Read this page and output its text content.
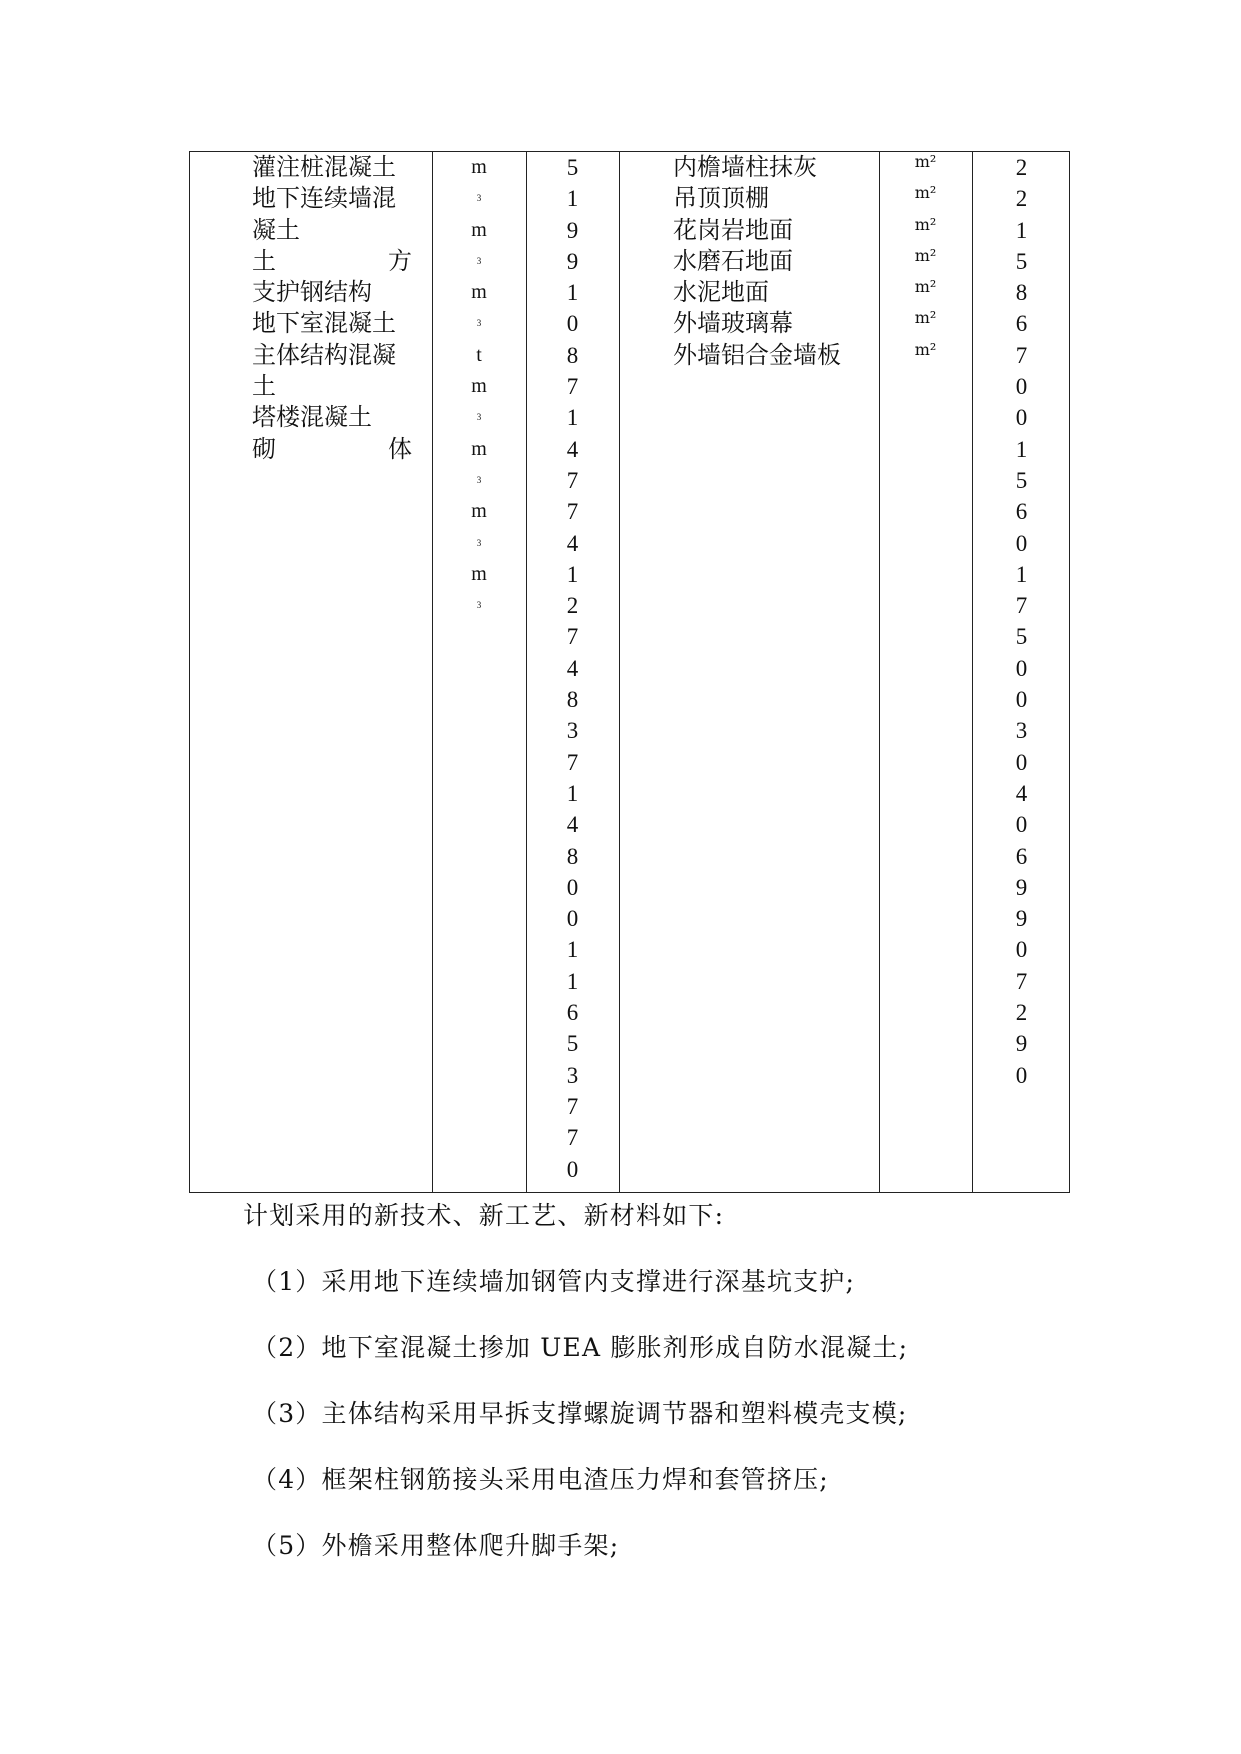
灌注桩混凝土
地下连续墙混
凝土
土	方
支护钢结构
地下室混凝土
主体结构混凝
土
塔楼混凝土
砌	体
m
3
m
3
m
3
t
m
3
m
3
m
3
m
3
5
1
9
9
1
0
8
7
1
4
7
7
4
1
2
7
4
8
3
7
1
4
8
0
0
1
1
6
5
3
7
7
0
内檐墙柱抹灰
吊顶顶棚
花岗岩地面
水磨石地面
水泥地面
外墙玻璃幕
外墙铝合金墙板
m²
m²
m²
m²
m²
m²
m²
2
2
1
5
8
6
7
0
0
1
5
6
0
1
7
5
0
0
3
0
4
0
6
9
9
0
7
2
9
0

计划采用的新技术、新工艺、新材料如下:

（1）采用地下连续墙加钢管内支撑进行深基坑支护;

（2）地下室混凝土掺加 UEA 膨胀剂形成自防水混凝土;

（3）主体结构采用早拆支撑螺旋调节器和塑料模壳支模;

（4）框架柱钢筋接头采用电渣压力焊和套管挤压;

（5）外檐采用整体爬升脚手架;
